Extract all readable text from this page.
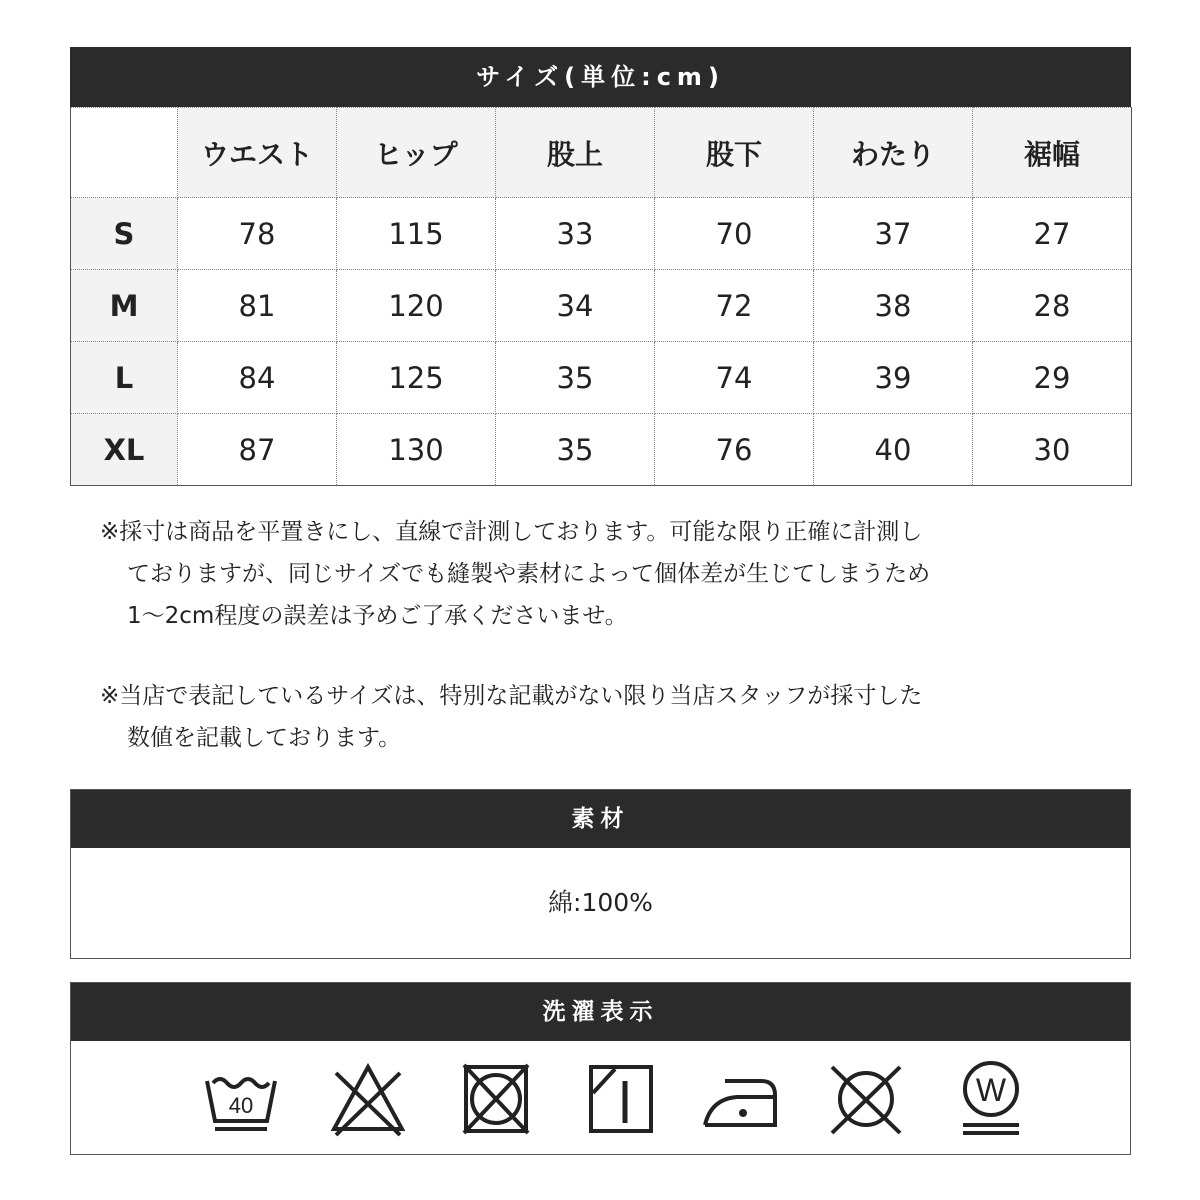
サイズ(単位:cm)
	ウエスト	ヒップ	股上	股下	わたり	裾幅
S	78	115	33	70	37	27
M	81	120	34	72	38	28
L	84	125	35	74	39	29
XL	87	130	35	76	40	30
※採寸は商品を平置きにし、直線で計測しております。可能な限り正確に計測し
ておりますが、同じサイズでも縫製や素材によって個体差が生じてしまうため
1〜2cm程度の誤差は予めご了承くださいませ。
※当店で表記しているサイズは、特別な記載がない限り当店スタッフが採寸した
数値を記載しております。
素材
綿:100%
洗濯表示
40	W
